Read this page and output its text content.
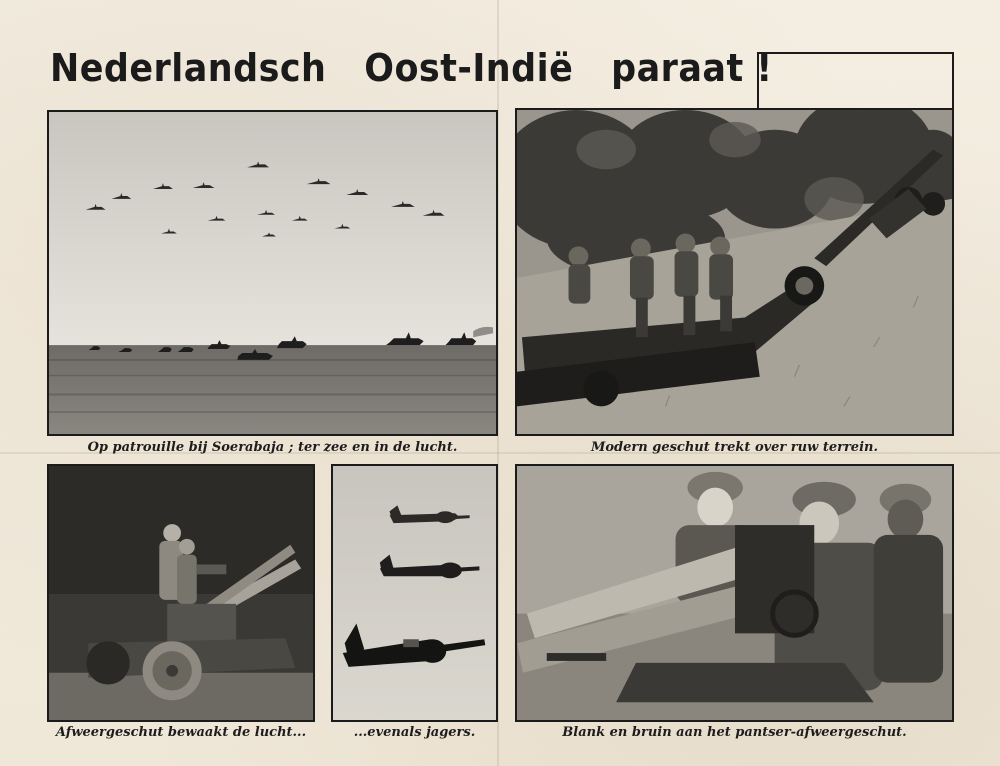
Nederlandsch   Oost-Indië   paraat !
Op patrouille bij Soerabaja ; ter zee en in de lucht.	Modern geschut trekt over ruw terrein.
Afweergeschut bewaakt de lucht...	...evenals jagers.	Blank en bruin aan het pantser-afweergeschut.
